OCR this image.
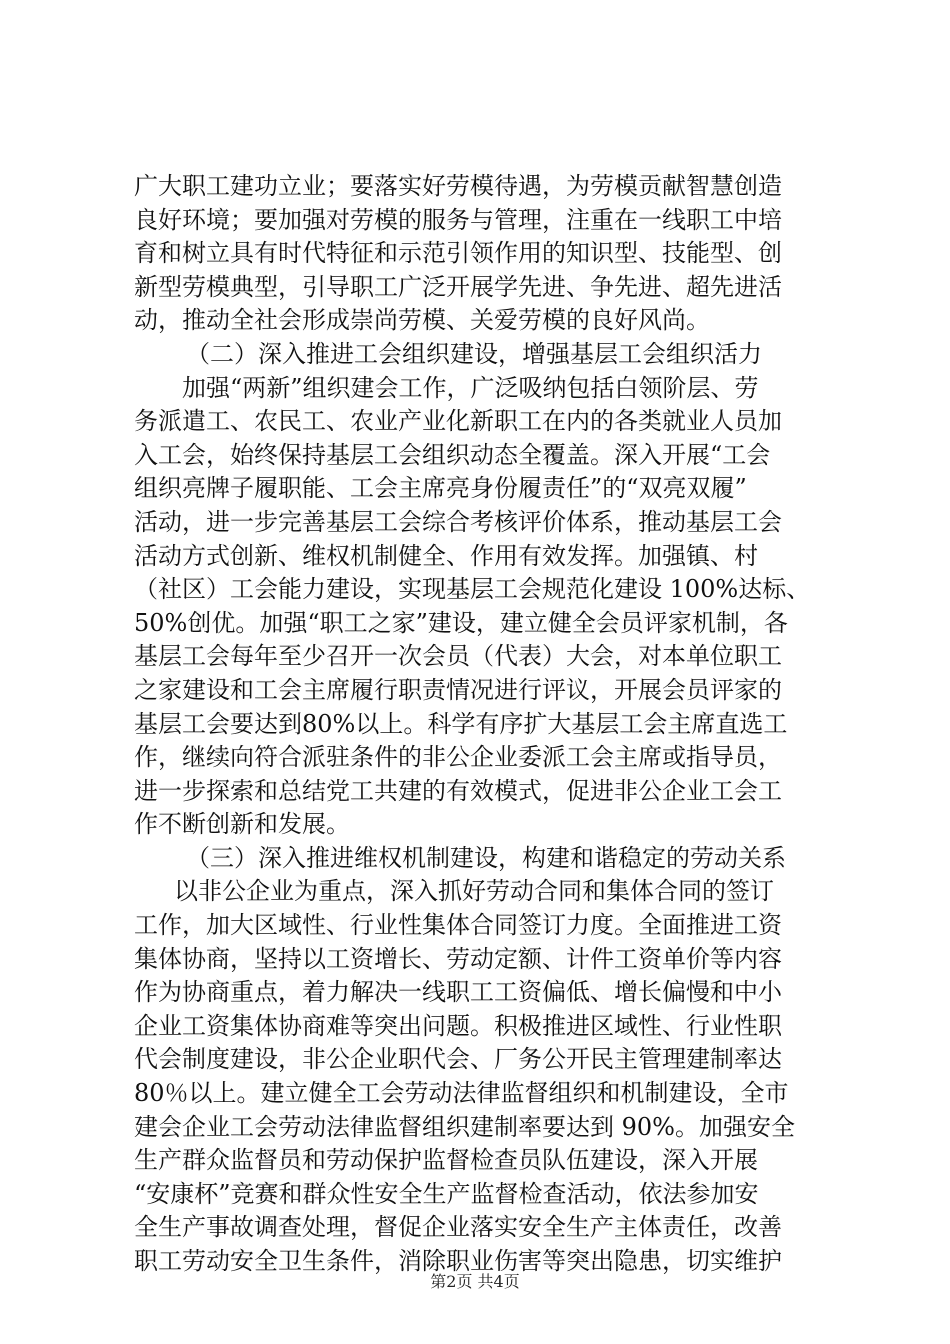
广大职工建功立业；要落实好劳模待遇，为劳模贡献智慧创造
良好环境；要加强对劳模的服务与管理，注重在一线职工中培
育和树立具有时代特征和示范引领作用的知识型、技能型、创
新型劳模典型，引导职工广泛开展学先进、争先进、超先进活
动，推动全社会形成崇尚劳模、关爱劳模的良好风尚。
（二）深入推进工会组织建设，增强基层工会组织活力
　加强“两新”组织建会工作，广泛吸纳包括白领阶层、劳
务派遣工、农民工、农业产业化新职工在内的各类就业人员加
入工会，始终保持基层工会组织动态全覆盖。深入开展“工会
组织亮牌子履职能、工会主席亮身份履责任”的“双亮双履”
活动，进一步完善基层工会综合考核评价体系，推动基层工会
活动方式创新、维权机制健全、作用有效发挥。加强镇、村
（社区）工会能力建设，实现基层工会规范化建设 100%达标、
50%创优。加强“职工之家”建设，建立健全会员评家机制，各
基层工会每年至少召开一次会员（代表）大会，对本单位职工
之家建设和工会主席履行职责情况进行评议，开展会员评家的
基层工会要达到80%以上。科学有序扩大基层工会主席直选工
作，继续向符合派驻条件的非公企业委派工会主席或指导员，
进一步探索和总结党工共建的有效模式，促进非公企业工会工
作不断创新和发展。
（三）深入推进维权机制建设，构建和谐稳定的劳动关系
以非公企业为重点，深入抓好劳动合同和集体合同的签订
工作，加大区域性、行业性集体合同签订力度。全面推进工资
集体协商，坚持以工资增长、劳动定额、计件工资单价等内容
作为协商重点，着力解决一线职工工资偏低、增长偏慢和中小
企业工资集体协商难等突出问题。积极推进区域性、行业性职
代会制度建设，非公企业职代会、厂务公开民主管理建制率达
80％以上。建立健全工会劳动法律监督组织和机制建设，全市
建会企业工会劳动法律监督组织建制率要达到 90%。加强安全
生产群众监督员和劳动保护监督检查员队伍建设，深入开展
“安康杯”竞赛和群众性安全生产监督检查活动，依法参加安
全生产事故调查处理，督促企业落实安全生产主体责任，改善
职工劳动安全卫生条件，消除职业伤害等突出隐患，切实维护
第2页 共4页
